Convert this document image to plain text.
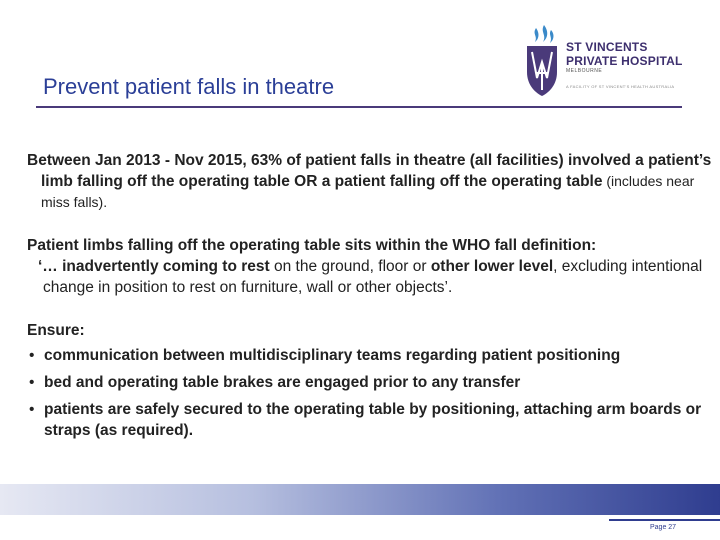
Prevent patient falls in theatre
ST VINCENTS
PRIVATE HOSPITAL
MELBOURNE
A FACILITY OF ST VINCENT'S HEALTH AUSTRALIA

Between Jan 2013 - Nov 2015, 63% of patient falls in theatre (all facilities) involved a patient’s limb falling off the operating table OR a patient falling off the operating table (includes near miss falls).

Patient limbs falling off the operating table sits within the WHO fall definition:

‘… inadvertently coming to rest on the ground, floor or other lower level, excluding intentional change in position to rest on furniture, wall or other objects’.

Ensure:

• communication between multidisciplinary teams regarding patient positioning
• bed and operating table brakes are engaged prior to any transfer
• patients are safely secured to the operating table by positioning, attaching arm boards or straps (as required).
Page 27
